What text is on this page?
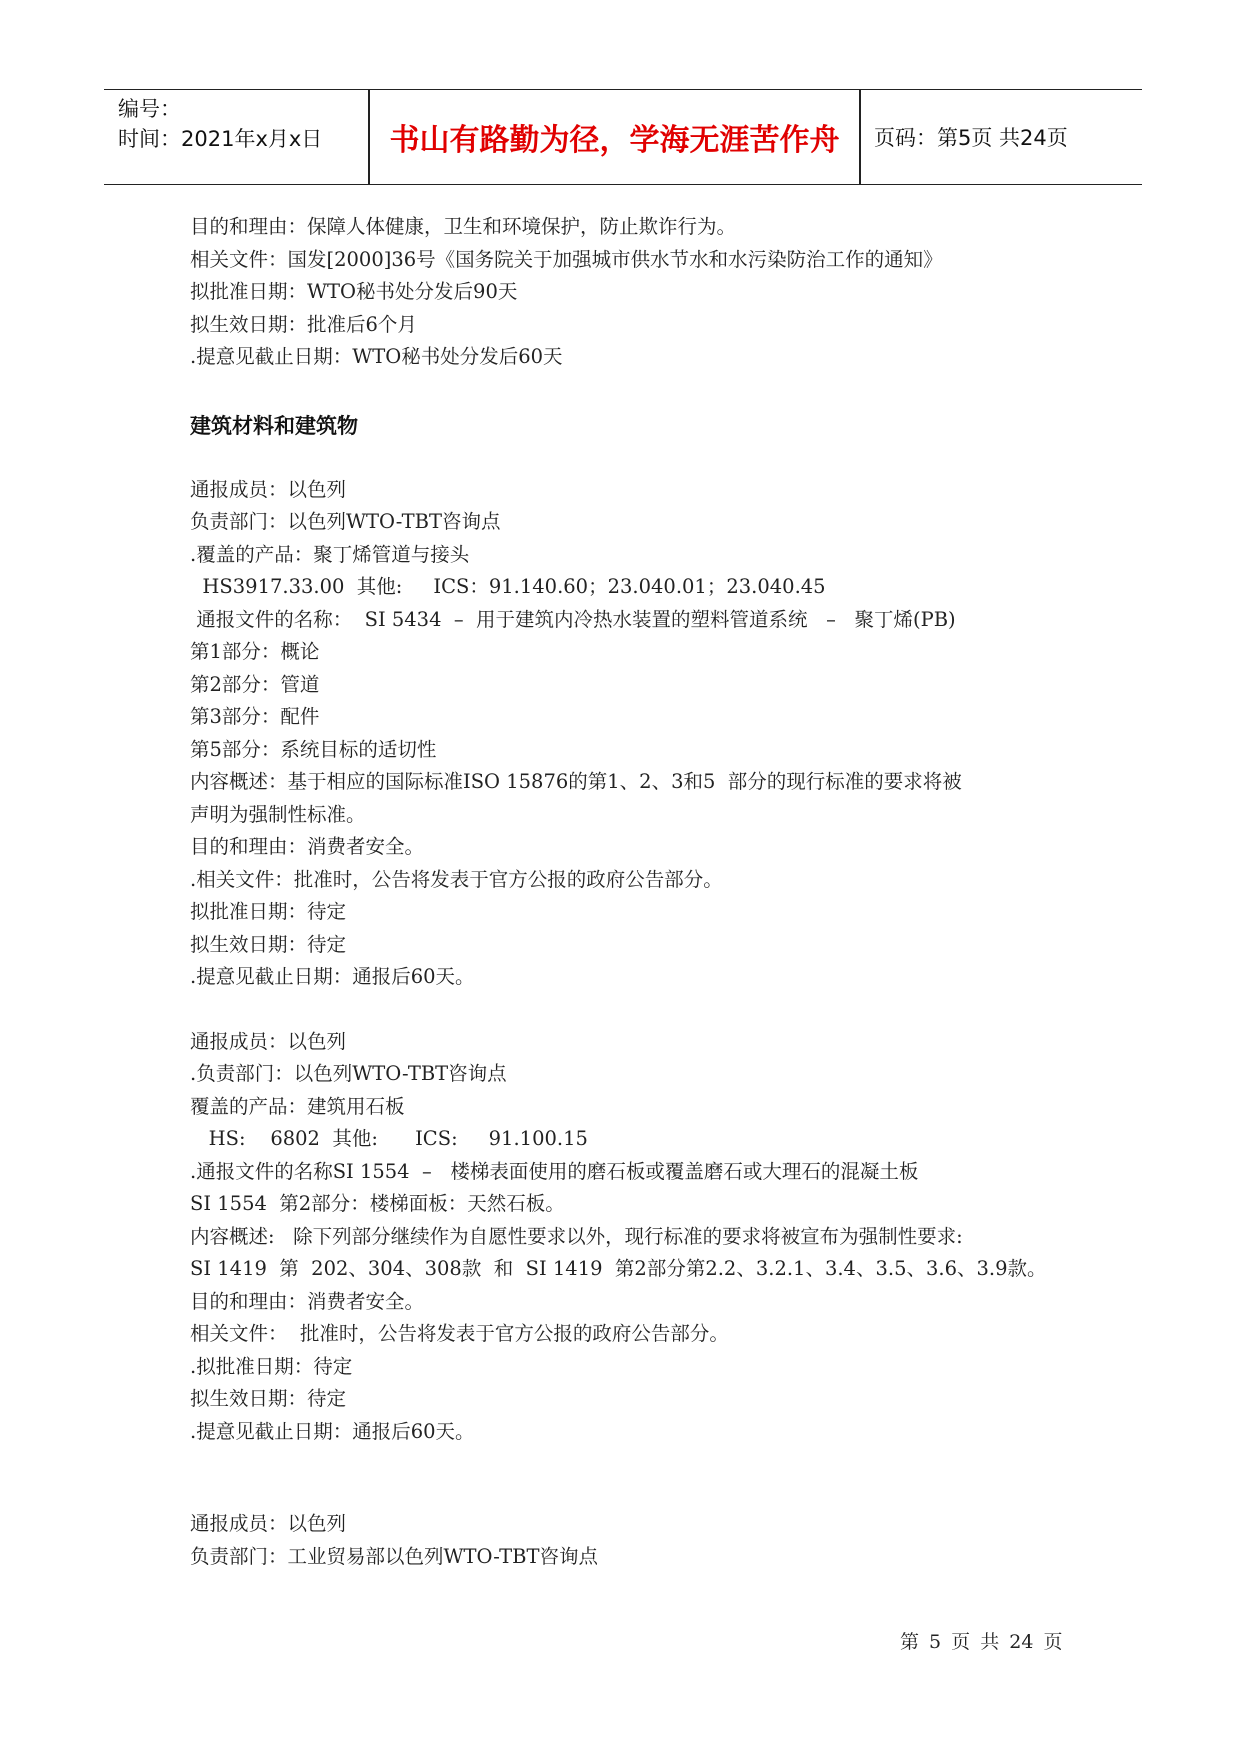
编号：
时间：2021年x月x日	书山有路勤为径，学海无涯苦作舟	页码：第5页 共24页
目的和理由：保障人体健康，卫生和环境保护，防止欺诈行为。
相关文件：国发[2000]36号《国务院关于加强城市供水节水和水污染防治工作的通知》
拟批准日期：WTO秘书处分发后90天
拟生效日期：批准后6个月
.提意见截止日期：WTO秘书处分发后60天
建筑材料和建筑物
通报成员：以色列
负责部门：以色列WTO-TBT咨询点
.覆盖的产品：聚丁烯管道与接头
HS3917.33.00  其他:     ICS：91.140.60；23.040.01；23.040.45
通报文件的名称：  SI 5434  –  用于建筑内冷热水装置的塑料管道系统   –   聚丁烯(PB)
第1部分：概论
第2部分：管道
第3部分：配件
第5部分：系统目标的适切性
内容概述：基于相应的国际标准ISO 15876的第1、2、3和5  部分的现行标准的要求将被
声明为强制性标准。
目的和理由：消费者安全。
.相关文件：批准时，公告将发表于官方公报的政府公告部分。
拟批准日期：待定
拟生效日期：待定
.提意见截止日期：通报后60天。
通报成员：以色列
.负责部门：以色列WTO-TBT咨询点
覆盖的产品：建筑用石板
HS:    6802  其他:      ICS:     91.100.15
.通报文件的名称SI 1554  –   楼梯表面使用的磨石板或覆盖磨石或大理石的混凝土板
SI 1554  第2部分：楼梯面板：天然石板。
内容概述:   除下列部分继续作为自愿性要求以外，现行标准的要求将被宣布为强制性要求:
SI 1419  第  202、304、308款  和  SI 1419  第2部分第2.2、3.2.1、3.4、3.5、3.6、3.9款。
目的和理由：消费者安全。
相关文件：  批准时，公告将发表于官方公报的政府公告部分。
.拟批准日期：待定
拟生效日期：待定
.提意见截止日期：通报后60天。
通报成员：以色列
负责部门：工业贸易部以色列WTO-TBT咨询点
第 5 页 共 24 页
